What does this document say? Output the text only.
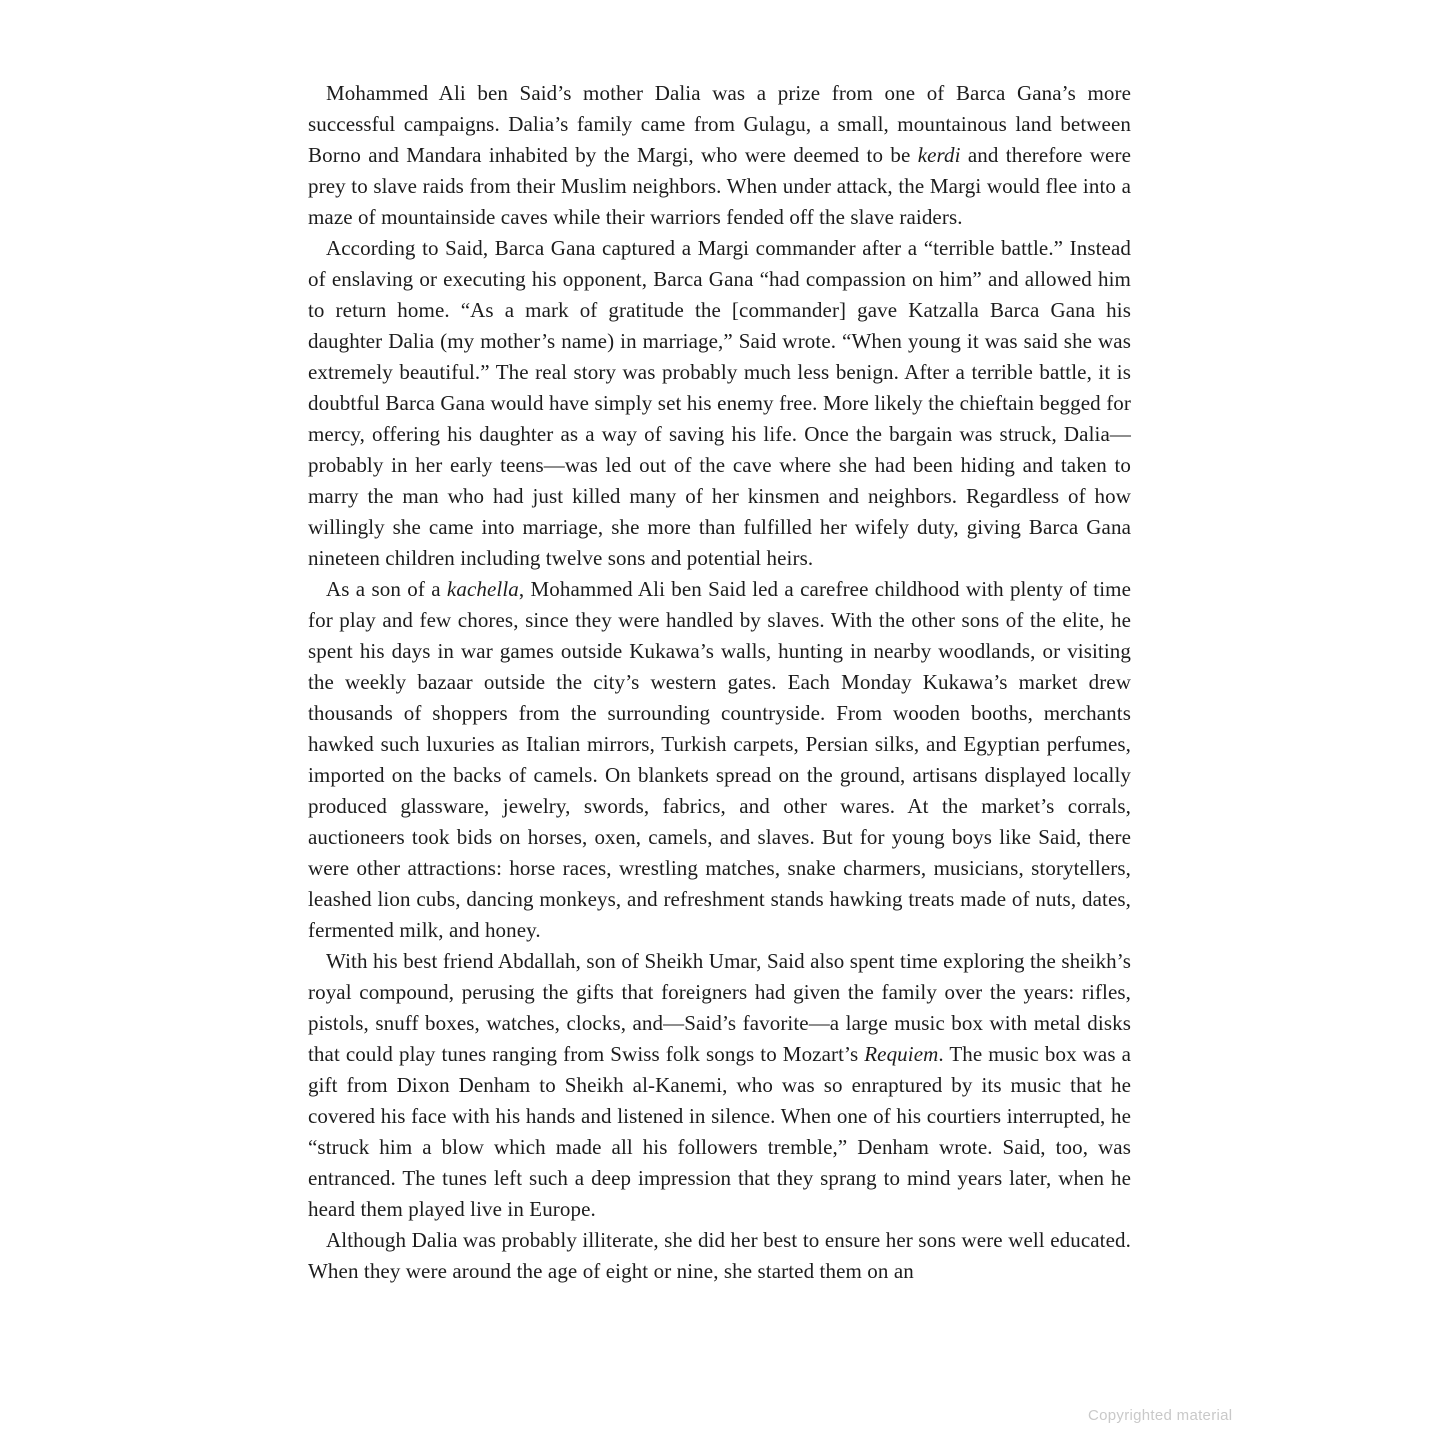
Mohammed Ali ben Said’s mother Dalia was a prize from one of Barca Gana’s more successful campaigns. Dalia’s family came from Gulagu, a small, mountainous land between Borno and Mandara inhabited by the Margi, who were deemed to be kerdi and therefore were prey to slave raids from their Muslim neighbors. When under attack, the Margi would flee into a maze of mountainside caves while their warriors fended off the slave raiders.

According to Said, Barca Gana captured a Margi commander after a “terrible battle.” Instead of enslaving or executing his opponent, Barca Gana “had compassion on him” and allowed him to return home. “As a mark of gratitude the [commander] gave Katzalla Barca Gana his daughter Dalia (my mother’s name) in marriage,” Said wrote. “When young it was said she was extremely beautiful.” The real story was probably much less benign. After a terrible battle, it is doubtful Barca Gana would have simply set his enemy free. More likely the chieftain begged for mercy, offering his daughter as a way of saving his life. Once the bargain was struck, Dalia—probably in her early teens—was led out of the cave where she had been hiding and taken to marry the man who had just killed many of her kinsmen and neighbors. Regardless of how willingly she came into marriage, she more than fulfilled her wifely duty, giving Barca Gana nineteen children including twelve sons and potential heirs.

As a son of a kachella, Mohammed Ali ben Said led a carefree childhood with plenty of time for play and few chores, since they were handled by slaves. With the other sons of the elite, he spent his days in war games outside Kukawa’s walls, hunting in nearby woodlands, or visiting the weekly bazaar outside the city’s western gates. Each Monday Kukawa’s market drew thousands of shoppers from the surrounding countryside. From wooden booths, merchants hawked such luxuries as Italian mirrors, Turkish carpets, Persian silks, and Egyptian perfumes, imported on the backs of camels. On blankets spread on the ground, artisans displayed locally produced glassware, jewelry, swords, fabrics, and other wares. At the market’s corrals, auctioneers took bids on horses, oxen, camels, and slaves. But for young boys like Said, there were other attractions: horse races, wrestling matches, snake charmers, musicians, storytellers, leashed lion cubs, dancing monkeys, and refreshment stands hawking treats made of nuts, dates, fermented milk, and honey.

With his best friend Abdallah, son of Sheikh Umar, Said also spent time exploring the sheikh’s royal compound, perusing the gifts that foreigners had given the family over the years: rifles, pistols, snuff boxes, watches, clocks, and—Said’s favorite—a large music box with metal disks that could play tunes ranging from Swiss folk songs to Mozart’s Requiem. The music box was a gift from Dixon Denham to Sheikh al-Kanemi, who was so enraptured by its music that he covered his face with his hands and listened in silence. When one of his courtiers interrupted, he “struck him a blow which made all his followers tremble,” Denham wrote. Said, too, was entranced. The tunes left such a deep impression that they sprang to mind years later, when he heard them played live in Europe.

Although Dalia was probably illiterate, she did her best to ensure her sons were well educated. When they were around the age of eight or nine, she started them on an

Copyrighted material
